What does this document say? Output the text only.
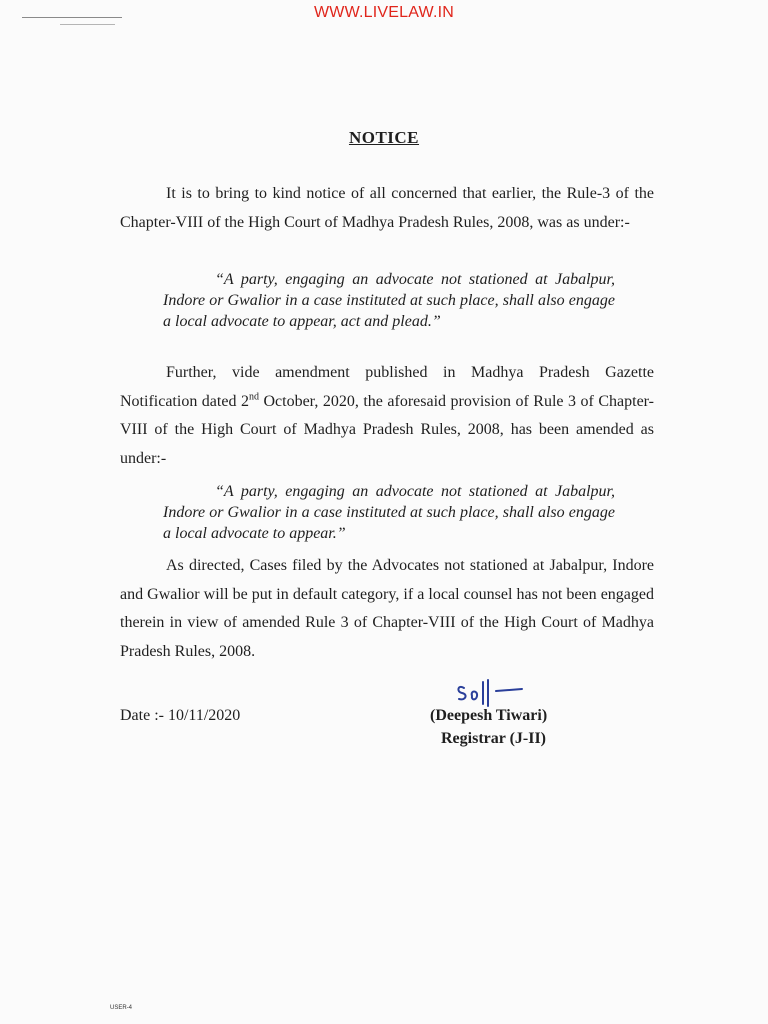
WWW.LIVELAW.IN
NOTICE
It is to bring to kind notice of all concerned that earlier, the Rule-3 of the Chapter-VIII of the High Court of Madhya Pradesh Rules, 2008, was as under:-
“A party, engaging an advocate not stationed at Jabalpur, Indore or Gwalior in a case instituted at such place, shall also engage a local advocate to appear, act and plead.”
Further, vide amendment published in Madhya Pradesh Gazette Notification dated 2nd October, 2020, the aforesaid provision of Rule 3 of Chapter-VIII of the High Court of Madhya Pradesh Rules, 2008, has been amended as under:-
“A party, engaging an advocate not stationed at Jabalpur, Indore or Gwalior in a case instituted at such place, shall also engage a local advocate to appear.”
As directed, Cases filed by the Advocates not stationed at Jabalpur, Indore and Gwalior will be put in default category, if a local counsel has not been engaged therein in view of amended Rule 3 of Chapter-VIII of the High Court of Madhya Pradesh Rules, 2008.
Date :- 10/11/2020	(Deepesh Tiwari)
Registrar (J-II)
USER-4
